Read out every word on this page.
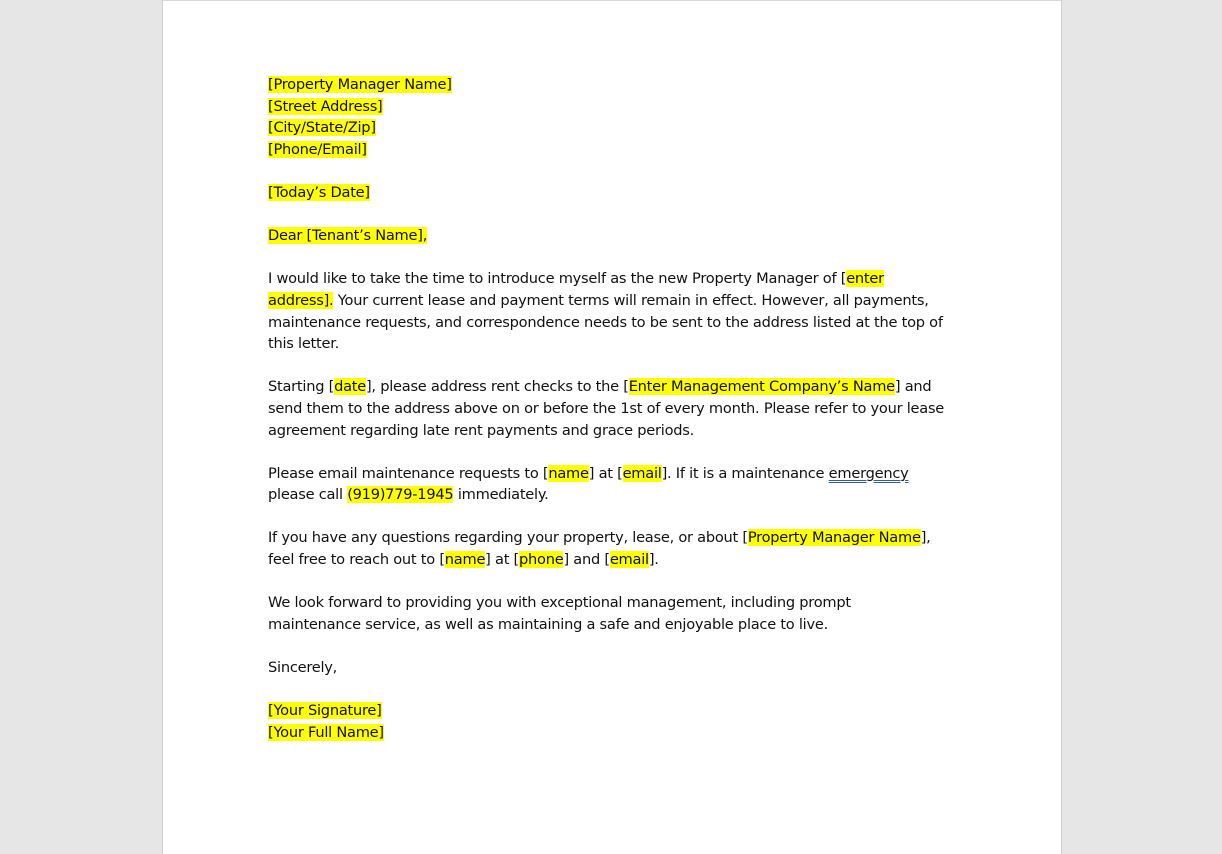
[Property Manager Name]
[Street Address]
[City/State/Zip]
[Phone/Email]
[Today’s Date]
Dear [Tenant’s Name],
I would like to take the time to introduce myself as the new Property Manager of [enter
address]. Your current lease and payment terms will remain in effect. However, all payments,
maintenance requests, and correspondence needs to be sent to the address listed at the top of
this letter.
Starting [date], please address rent checks to the [Enter Management Company’s Name] and
send them to the address above on or before the 1st of every month. Please refer to your lease
agreement regarding late rent payments and grace periods.
Please email maintenance requests to [name] at [email]. If it is a maintenance emergency
please call (919)779-1945 immediately.
If you have any questions regarding your property, lease, or about [Property Manager Name],
feel free to reach out to [name] at [phone] and [email].
We look forward to providing you with exceptional management, including prompt
maintenance service, as well as maintaining a safe and enjoyable place to live.
Sincerely,
[Your Signature]
[Your Full Name]
